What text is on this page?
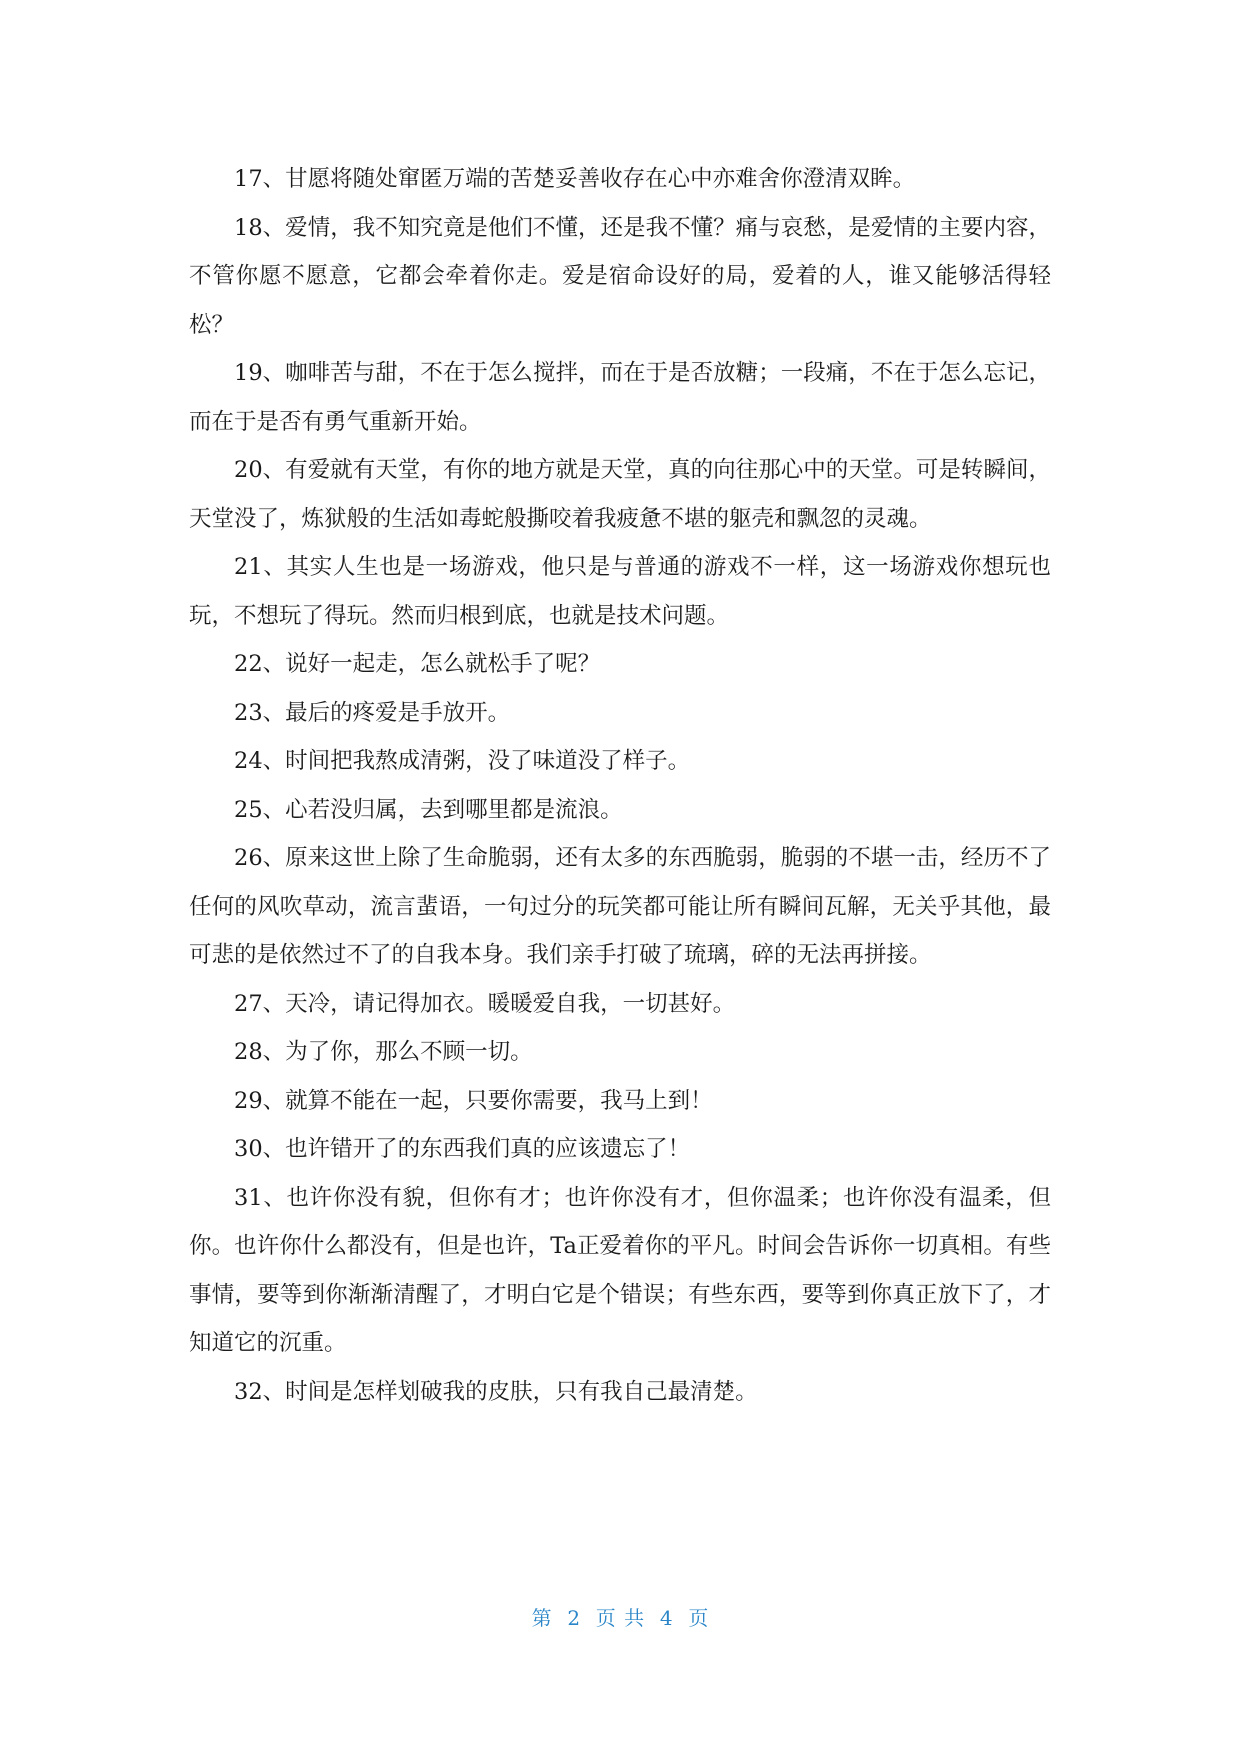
17、甘愿将随处窜匿万端的苦楚妥善收存在心中亦难舍你澄清双眸。

18、爱情，我不知究竟是他们不懂，还是我不懂？痛与哀愁，是爱情的主要内容，不管你愿不愿意，它都会牵着你走。爱是宿命设好的局，爱着的人，谁又能够活得轻松？

19、咖啡苦与甜，不在于怎么搅拌，而在于是否放糖；一段痛，不在于怎么忘记，而在于是否有勇气重新开始。

20、有爱就有天堂，有你的地方就是天堂，真的向往那心中的天堂。可是转瞬间，天堂没了，炼狱般的生活如毒蛇般撕咬着我疲惫不堪的躯壳和飘忽的灵魂。

21、其实人生也是一场游戏，他只是与普通的游戏不一样，这一场游戏你想玩也玩，不想玩了得玩。然而归根到底，也就是技术问题。

22、说好一起走，怎么就松手了呢？

23、最后的疼爱是手放开。

24、时间把我熬成清粥，没了味道没了样子。

25、心若没归属，去到哪里都是流浪。

26、原来这世上除了生命脆弱，还有太多的东西脆弱，脆弱的不堪一击，经历不了任何的风吹草动，流言蜚语，一句过分的玩笑都可能让所有瞬间瓦解，无关乎其他，最可悲的是依然过不了的自我本身。我们亲手打破了琉璃，碎的无法再拼接。

27、天冷，请记得加衣。暖暖爱自我，一切甚好。

28、为了你，那么不顾一切。

29、就算不能在一起，只要你需要，我马上到！

30、也许错开了的东西我们真的应该遗忘了！

31、也许你没有貌，但你有才；也许你没有才，但你温柔；也许你没有温柔，但你。也许你什么都没有，但是也许，Ta正爱着你的平凡。时间会告诉你一切真相。有些事情，要等到你渐渐清醒了，才明白它是个错误；有些东西，要等到你真正放下了，才知道它的沉重。

32、时间是怎样划破我的皮肤，只有我自己最清楚。

第  2  页 共  4  页
